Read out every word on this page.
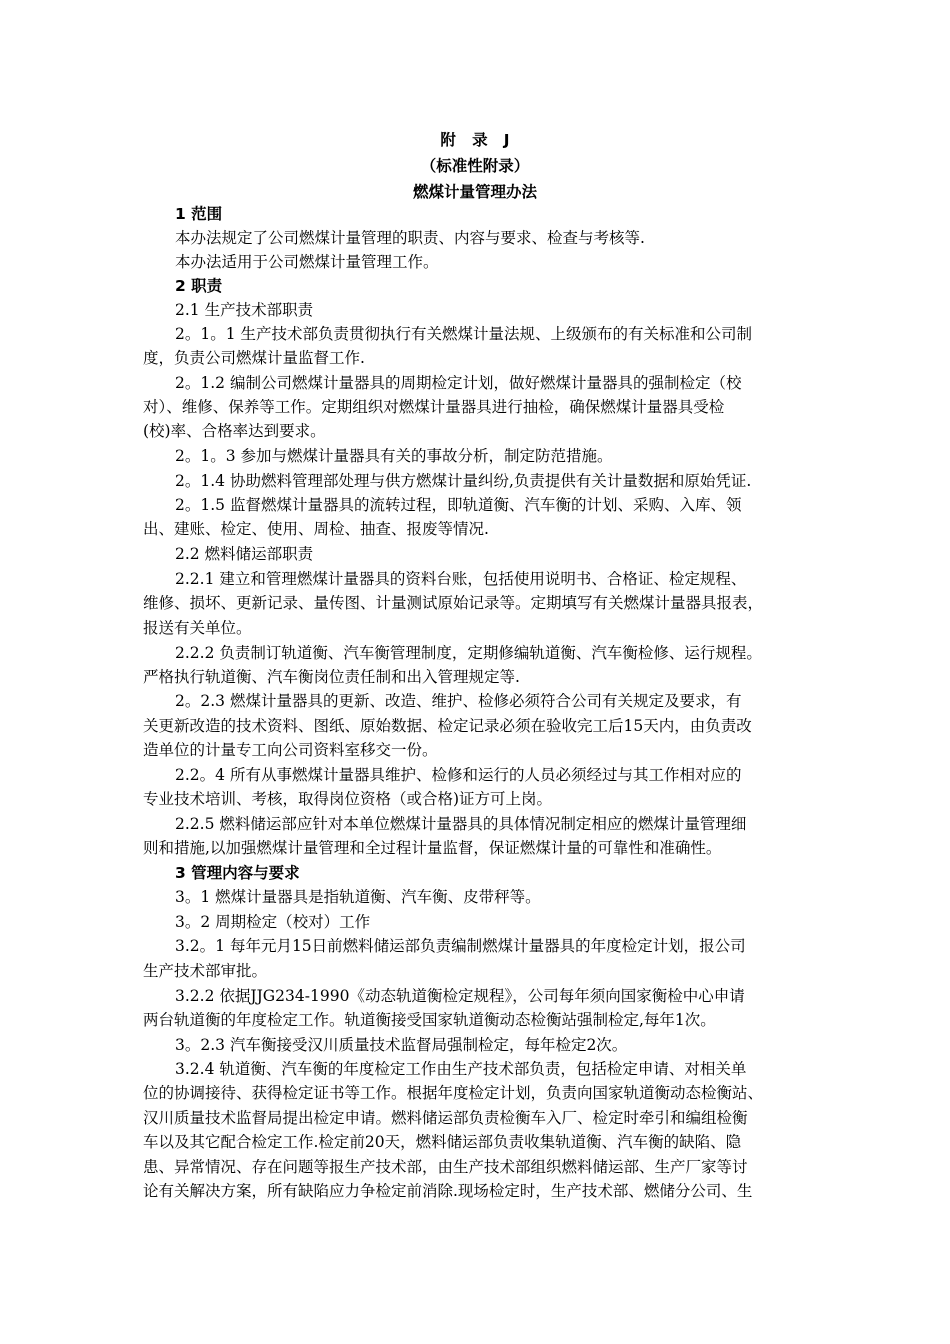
附   录   J
（标准性附录）
燃煤计量管理办法
1 范围
本办法规定了公司燃煤计量管理的职责、内容与要求、检查与考核等.
本办法适用于公司燃煤计量管理工作。
2 职责
2.1 生产技术部职责
2。1。1 生产技术部负责贯彻执行有关燃煤计量法规、上级颁布的有关标准和公司制
度，负责公司燃煤计量监督工作.
2。1.2 编制公司燃煤计量器具的周期检定计划，做好燃煤计量器具的强制检定（校
对）、维修、保养等工作。定期组织对燃煤计量器具进行抽检，确保燃煤计量器具受检
(校)率、合格率达到要求。
2。1。3 参加与燃煤计量器具有关的事故分析，制定防范措施。
2。1.4 协助燃料管理部处理与供方燃煤计量纠纷,负责提供有关计量数据和原始凭证.
2。1.5 监督燃煤计量器具的流转过程，即轨道衡、汽车衡的计划、采购、入库、领
出、建账、检定、使用、周检、抽查、报废等情况.
2.2 燃料储运部职责
2.2.1 建立和管理燃煤计量器具的资料台账，包括使用说明书、合格证、检定规程、
维修、损坏、更新记录、量传图、计量测试原始记录等。定期填写有关燃煤计量器具报表，
报送有关单位。
2.2.2 负责制订轨道衡、汽车衡管理制度，定期修编轨道衡、汽车衡检修、运行规程。
严格执行轨道衡、汽车衡岗位责任制和出入管理规定等.
2。2.3 燃煤计量器具的更新、改造、维护、检修必须符合公司有关规定及要求，有
关更新改造的技术资料、图纸、原始数据、检定记录必须在验收完工后15天内，由负责改
造单位的计量专工向公司资料室移交一份。
2.2。4 所有从事燃煤计量器具维护、检修和运行的人员必须经过与其工作相对应的
专业技术培训、考核，取得岗位资格（或合格)证方可上岗。
2.2.5 燃料储运部应针对本单位燃煤计量器具的具体情况制定相应的燃煤计量管理细
则和措施,以加强燃煤计量管理和全过程计量监督，保证燃煤计量的可靠性和准确性。
3 管理内容与要求
3。1 燃煤计量器具是指轨道衡、汽车衡、皮带秤等。
3。2 周期检定（校对）工作
3.2。1 每年元月15日前燃料储运部负责编制燃煤计量器具的年度检定计划，报公司
生产技术部审批。
3.2.2 依据JJG234-1990《动态轨道衡检定规程》，公司每年须向国家衡检中心申请
两台轨道衡的年度检定工作。轨道衡接受国家轨道衡动态检衡站强制检定,每年1次。
3。2.3 汽车衡接受汉川质量技术监督局强制检定，每年检定2次。
3.2.4 轨道衡、汽车衡的年度检定工作由生产技术部负责，包括检定申请、对相关单
位的协调接待、获得检定证书等工作。根据年度检定计划，负责向国家轨道衡动态检衡站、
汉川质量技术监督局提出检定申请。燃料储运部负责检衡车入厂、检定时牵引和编组检衡
车以及其它配合检定工作.检定前20天，燃料储运部负责收集轨道衡、汽车衡的缺陷、隐
患、异常情况、存在问题等报生产技术部，由生产技术部组织燃料储运部、生产厂家等讨
论有关解决方案，所有缺陷应力争检定前消除.现场检定时，生产技术部、燃储分公司、生
